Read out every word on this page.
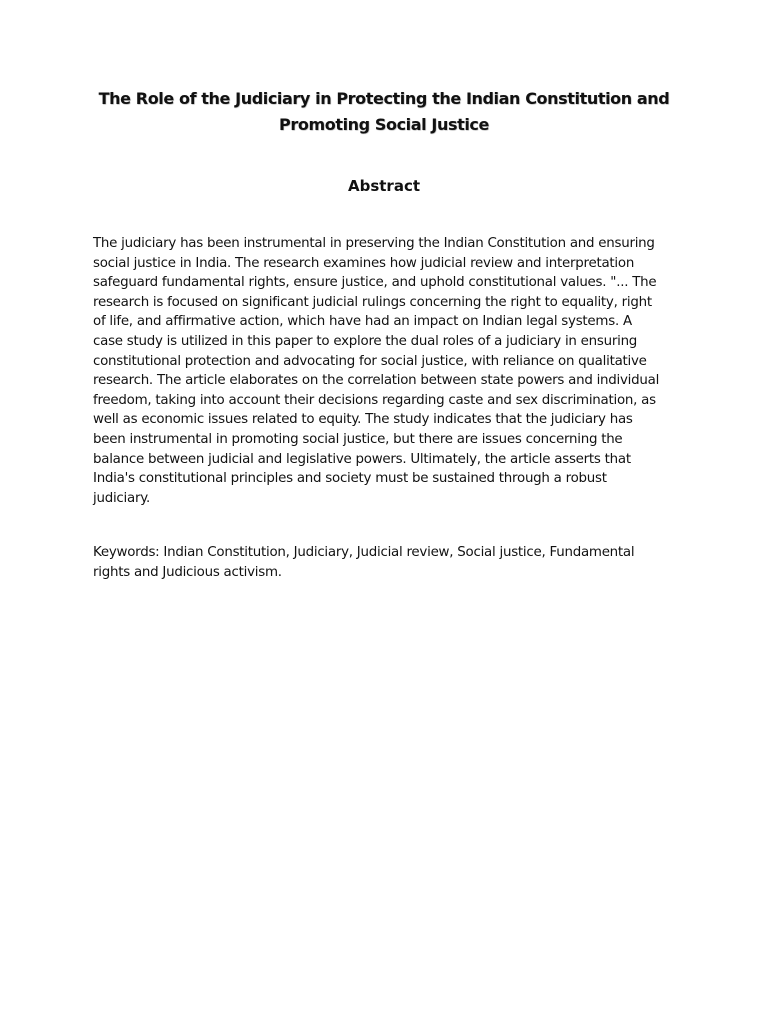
The Role of the Judiciary in Protecting the Indian Constitution and
Promoting Social Justice
Abstract

The judiciary has been instrumental in preserving the Indian Constitution and ensuring
social justice in India. The research examines how judicial review and interpretation
safeguard fundamental rights, ensure justice, and uphold constitutional values. "... The
research is focused on significant judicial rulings concerning the right to equality, right
of life, and affirmative action, which have had an impact on Indian legal systems. A
case study is utilized in this paper to explore the dual roles of a judiciary in ensuring
constitutional protection and advocating for social justice, with reliance on qualitative
research. The article elaborates on the correlation between state powers and individual
freedom, taking into account their decisions regarding caste and sex discrimination, as
well as economic issues related to equity. The study indicates that the judiciary has
been instrumental in promoting social justice, but there are issues concerning the
balance between judicial and legislative powers. Ultimately, the article asserts that
India's constitutional principles and society must be sustained through a robust
judiciary.

Keywords: Indian Constitution, Judiciary, Judicial review, Social justice, Fundamental
rights and Judicious activism.
